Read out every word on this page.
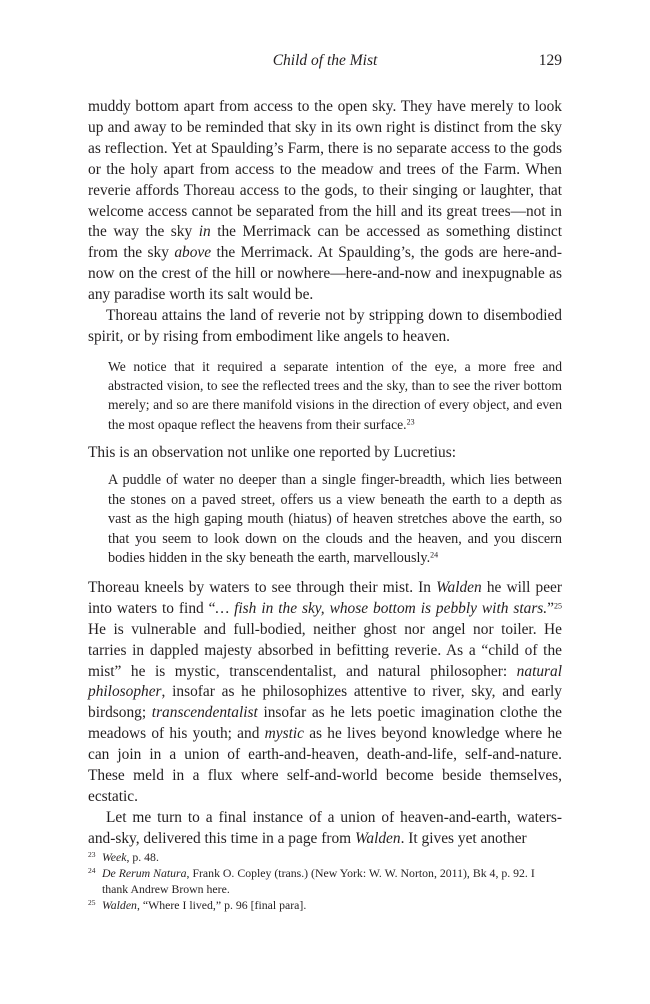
Child of the Mist	129

muddy bottom apart from access to the open sky. They have merely to look up and away to be reminded that sky in its own right is distinct from the sky as reflection. Yet at Spaulding’s Farm, there is no separate access to the gods or the holy apart from access to the meadow and trees of the Farm. When reverie affords Thoreau access to the gods, to their singing or laughter, that welcome access cannot be separated from the hill and its great trees—not in the way the sky in the Merrimack can be accessed as something distinct from the sky above the Merrimack. At Spaulding’s, the gods are here-and-now on the crest of the hill or nowhere—here-and-now and inexpugnable as any paradise worth its salt would be.

Thoreau attains the land of reverie not by stripping down to disembodied spirit, or by rising from embodiment like angels to heaven.

We notice that it required a separate intention of the eye, a more free and abstracted vision, to see the reflected trees and the sky, than to see the river bottom merely; and so are there manifold visions in the direction of every object, and even the most opaque reflect the heavens from their surface.$^{23}$

This is an observation not unlike one reported by Lucretius:

A puddle of water no deeper than a single finger-breadth, which lies between the stones on a paved street, offers us a view beneath the earth to a depth as vast as the high gaping mouth (hiatus) of heaven stretches above the earth, so that you seem to look down on the clouds and the heaven, and you discern bodies hidden in the sky beneath the earth, marvellously.$^{24}$

Thoreau kneels by waters to see through their mist. In Walden he will peer into waters to find “… fish in the sky, whose bottom is pebbly with stars.”$^{25}$ He is vulnerable and full-bodied, neither ghost nor angel nor toiler. He tarries in dappled majesty absorbed in befitting reverie. As a “child of the mist” he is mystic, transcendentalist, and natural philosopher: natural philosopher, insofar as he philosophizes attentive to river, sky, and early birdsong; transcendentalist insofar as he lets poetic imagination clothe the meadows of his youth; and mystic as he lives beyond knowledge where he can join in a union of earth-and-heaven, death-and-life, self-and-nature. These meld in a flux where self-and-world become beside themselves, ecstatic.

Let me turn to a final instance of a union of heaven-and-earth, waters-and-sky, delivered this time in a page from Walden. It gives yet another

23 Week, p. 48.
24 De Rerum Natura, Frank O. Copley (trans.) (New York: W. W. Norton, 2011), Bk 4, p. 92. I thank Andrew Brown here.
25 Walden, “Where I lived,” p. 96 [final para].
